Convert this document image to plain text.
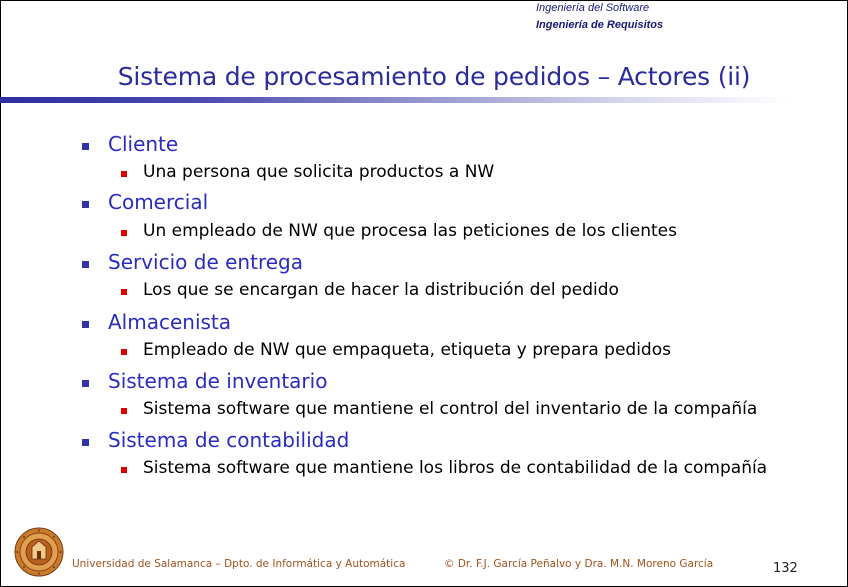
Ingeniería del Software
Ingeniería de Requisitos
Sistema de procesamiento de pedidos – Actores (ii)
Cliente
Una persona que solicita productos a NW
Comercial
Un empleado de NW que procesa las peticiones de los clientes
Servicio de entrega
Los que se encargan de hacer la distribución del pedido
Almacenista
Empleado de NW que empaqueta, etiqueta y prepara pedidos
Sistema de inventario
Sistema software que mantiene el control del inventario de la compañía
Sistema de contabilidad
Sistema software que mantiene los libros de contabilidad de la compañía
Universidad de Salamanca – Dpto. de Informática y Automática	© Dr. F.J. García Peñalvo y Dra. M.N. Moreno García	132
